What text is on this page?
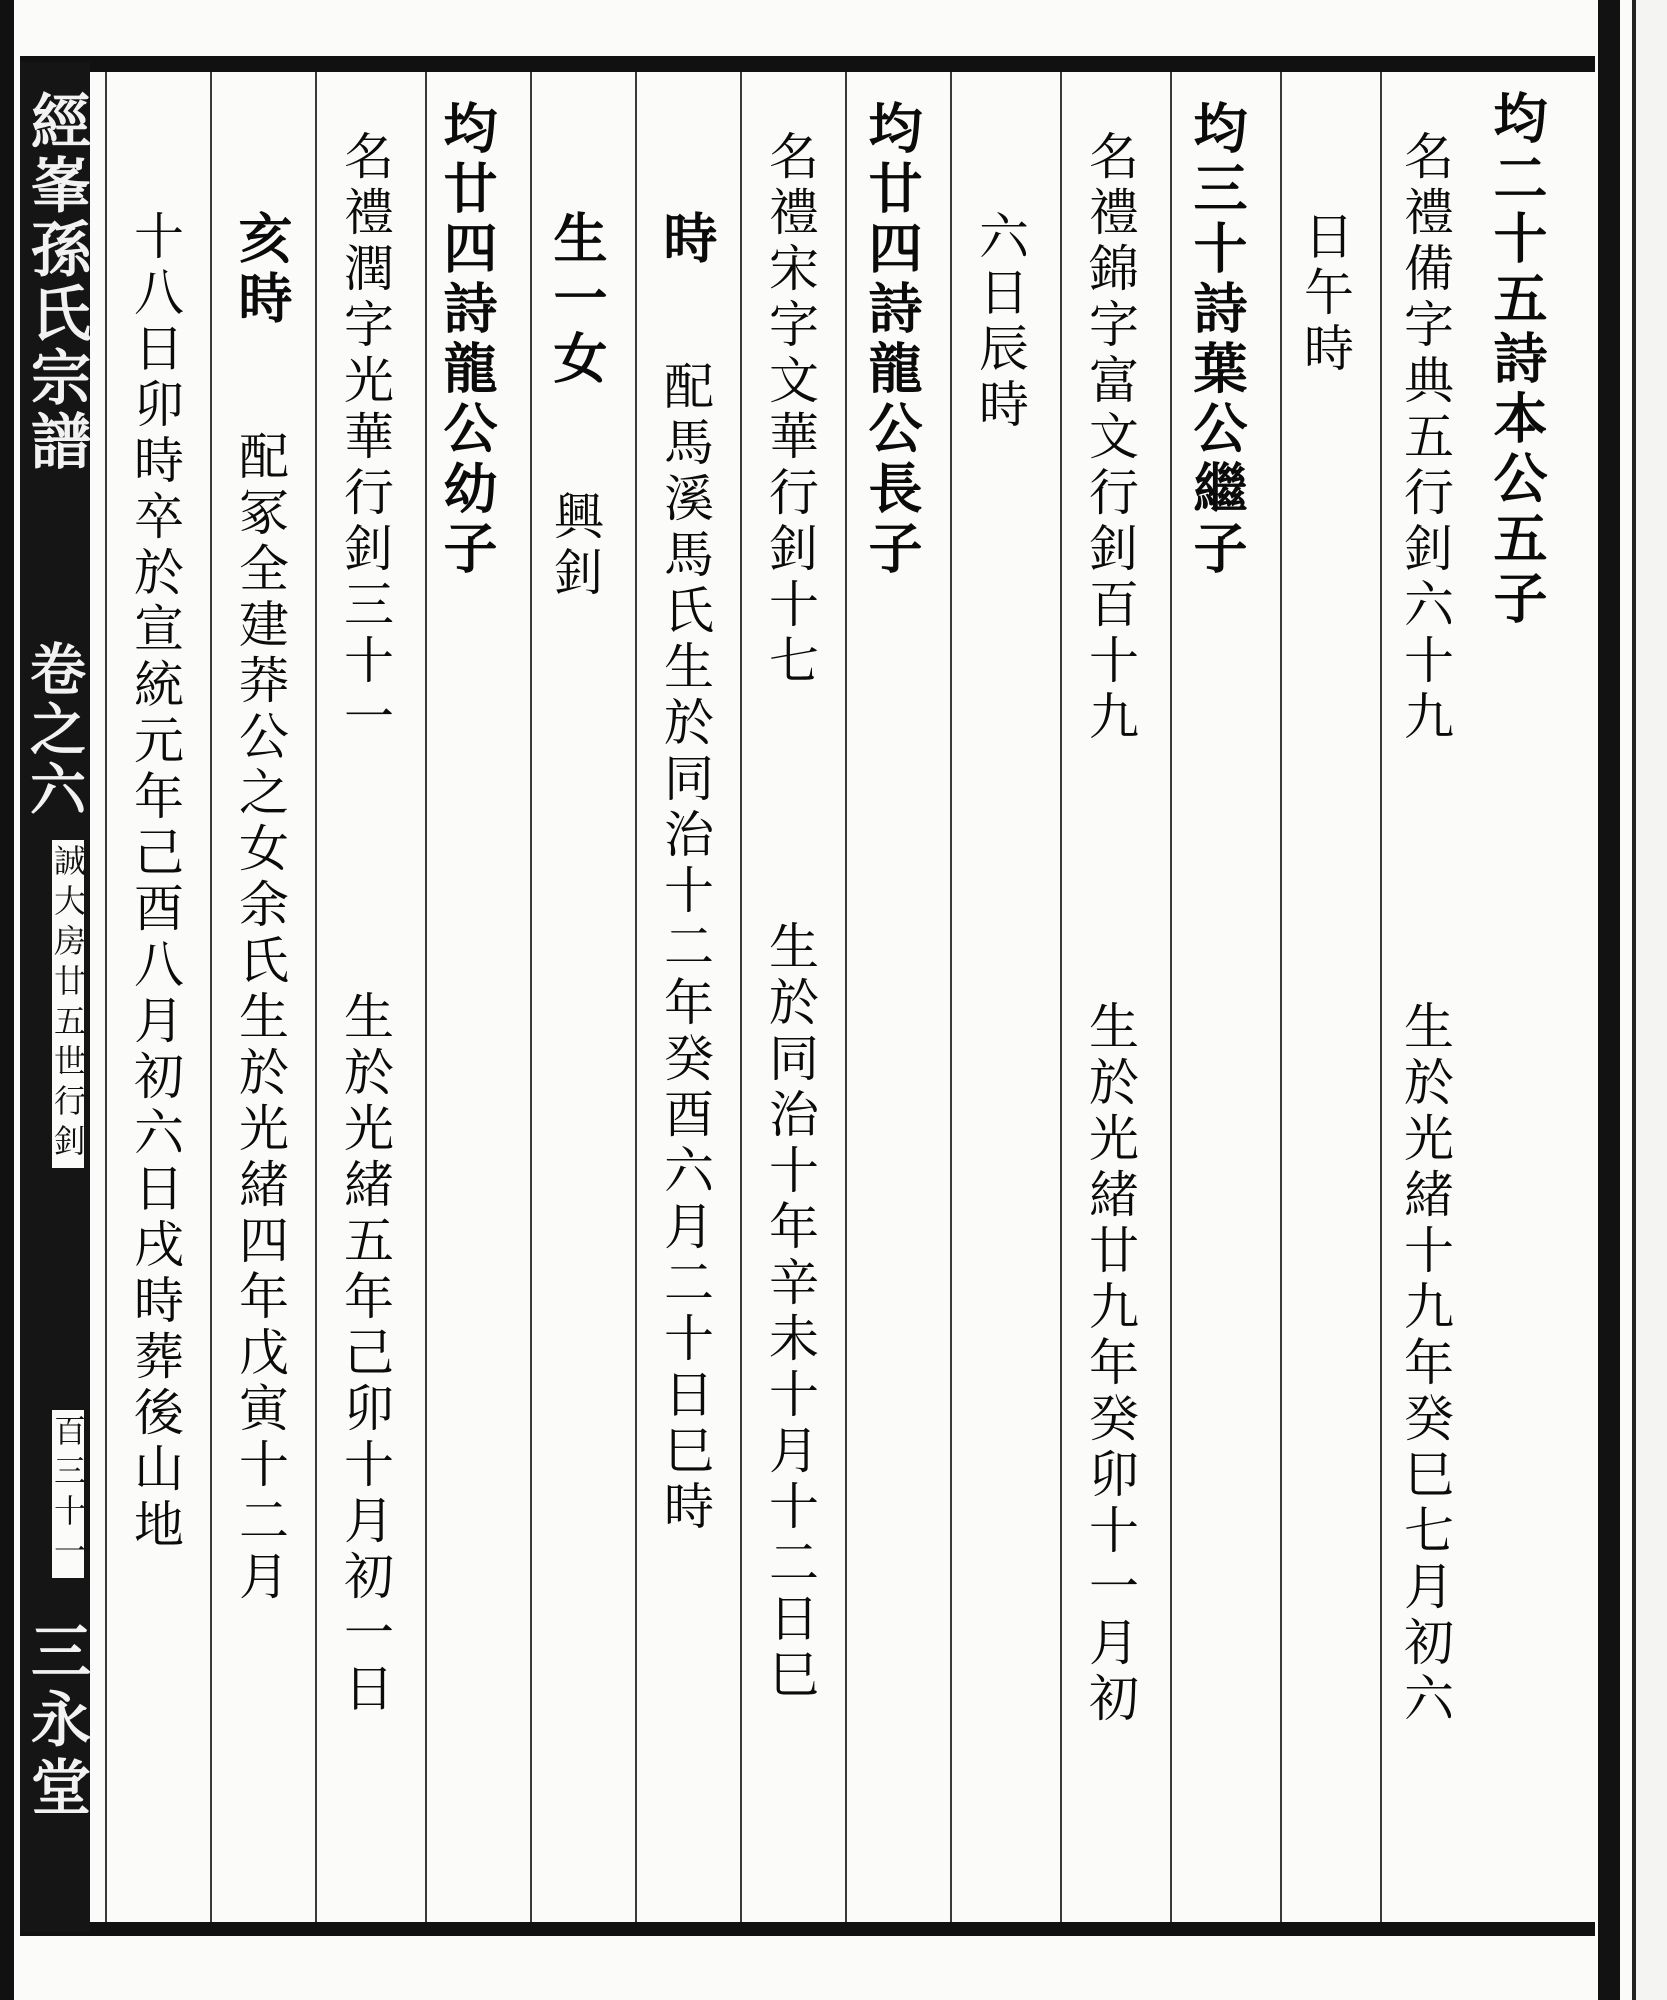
經峯孫氏宗譜
卷之六
誠大房廿五世行釗
百三十一
三永堂
均二十五詩本公五子
名禮備字典五行釗六十九
生於光緒十九年癸巳七月初六
日午時
均三十詩葉公繼子
名禮錦字富文行釗百十九
生於光緒廿九年癸卯十一月初
六日辰時
均廿四詩龍公長子
名禮宋字文華行釗十七
生於同治十年辛未十月十二日巳
時
配馬溪馬氏生於同治十二年癸酉六月二十日巳時
生一女
興釗
均廿四詩龍公幼子
名禮潤字光華行釗三十一
生於光緒五年己卯十月初一日
亥時
配冢全建莽公之女余氏生於光緒四年戊寅十二月
十八日卯時卒於宣統元年己酉八月初六日戌時葬後山地
